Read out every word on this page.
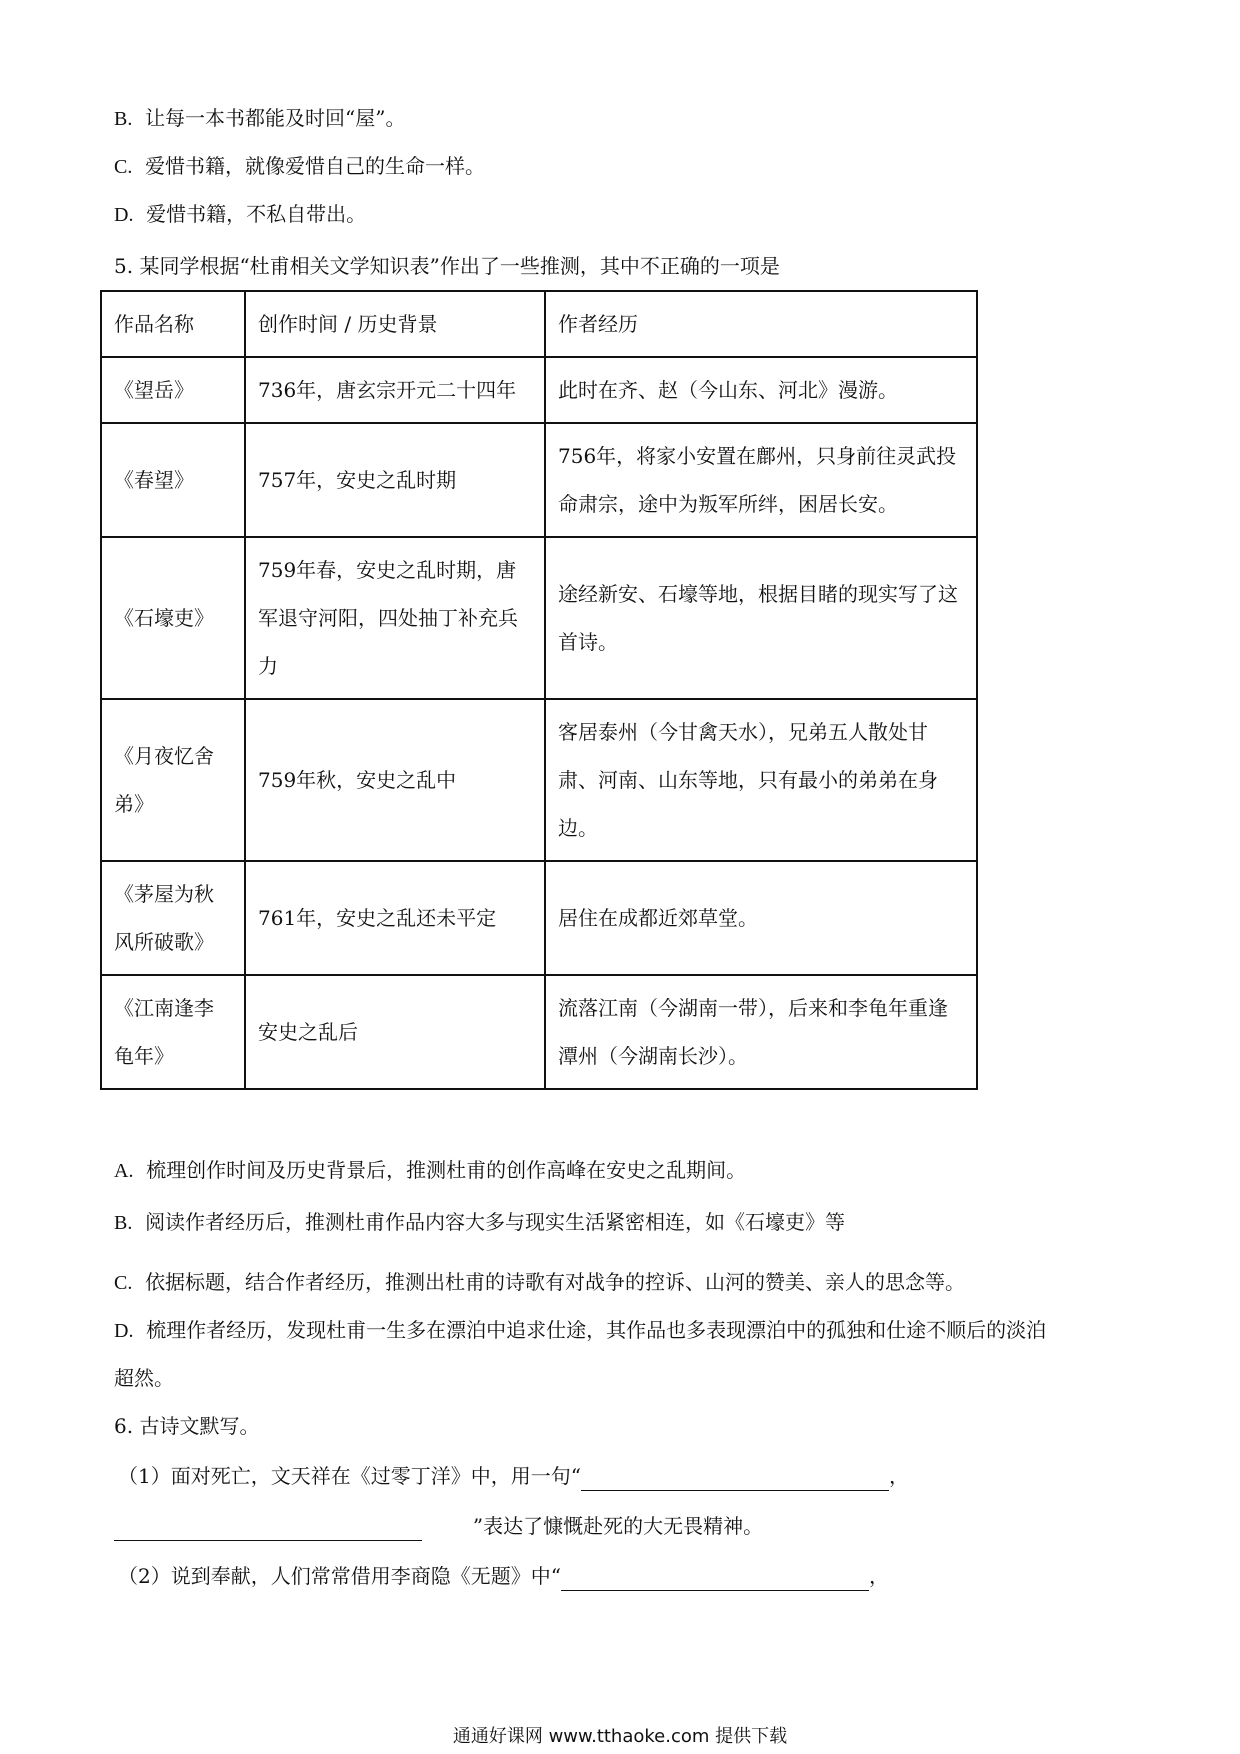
B. 让每一本书都能及时回“屋”。
C. 爱惜书籍，就像爱惜自己的生命一样。
D. 爱惜书籍，不私自带出。
5. 某同学根据“杜甫相关文学知识表”作出了一些推测，其中不正确的一项是
作品名称	创作时间 / 历史背景	作者经历
《望岳》	736年，唐玄宗开元二十四年	此时在齐、赵（今山东、河北》漫游。
《春望》	757年，安史之乱时期	756年，将家小安置在鄜州，只身前往灵武投命肃宗，途中为叛军所绊，困居长安。
《石壕吏》	759年春，安史之乱时期，唐军退守河阳，四处抽丁补充兵力	途经新安、石壕等地，根据目睹的现实写了这首诗。
《月夜忆舍弟》	759年秋，安史之乱中	客居泰州（今甘禽天水），兄弟五人散处甘肃、河南、山东等地，只有最小的弟弟在身边。
《茅屋为秋风所破歌》	761年，安史之乱还未平定	居住在成都近郊草堂。
《江南逢李龟年》	安史之乱后	流落江南（今湖南一带），后来和李龟年重逢　潭州（今湖南长沙）。
A. 梳理创作时间及历史背景后，推测杜甫的创作高峰在安史之乱期间。
B. 阅读作者经历后，推测杜甫作品内容大多与现实生活紧密相连，如《石壕吏》等
C. 依据标题，结合作者经历，推测出杜甫的诗歌有对战争的控诉、山河的赞美、亲人的思念等。
D. 梳理作者经历，发现杜甫一生多在漂泊中追求仕途，其作品也多表现漂泊中的孤独和仕途不顺后的淡泊
超然。
6. 古诗文默写。
（1）面对死亡，文天祥在《过零丁洋》中，用一句“	，
”表达了慷慨赴死的大无畏精神。
（2）说到奉献，人们常常借用李商隐《无题》中“	，
通通好课网 www.tthaoke.com 提供下载
